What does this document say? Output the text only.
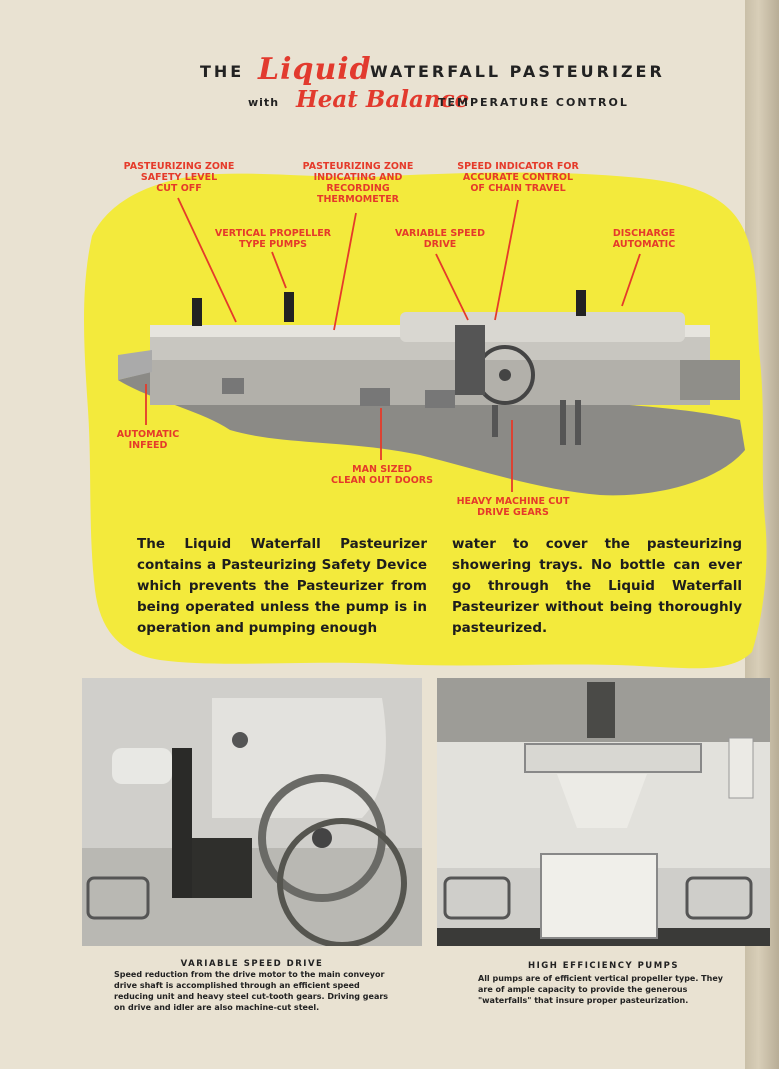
THE Liquid
WATERFALL PASTEURIZER
with Heat Balance
TEMPERATURE CONTROL
PASTEURIZING ZONE
SAFETY LEVEL
CUT OFF
PASTEURIZING ZONE
INDICATING AND
RECORDING
THERMOMETER
SPEED INDICATOR FOR
ACCURATE CONTROL
OF CHAIN TRAVEL
VERTICAL PROPELLER
TYPE PUMPS
VARIABLE SPEED
DRIVE
DISCHARGE
AUTOMATIC
AUTOMATIC
INFEED
MAN SIZED
CLEAN OUT DOORS
HEAVY MACHINE CUT
DRIVE GEARS
The Liquid Waterfall Pasteurizer contains a Pasteurizing Safety Device which prevents the Pasteurizer from being operated unless the pump is in operation and pumping enough
water to cover the pasteurizing showering trays. No bottle can ever go through the Liquid Waterfall Pasteurizer without being thoroughly pasteurized.
VARIABLE SPEED DRIVE
Speed reduction from the drive motor to the main conveyor drive shaft is accomplished through an efficient speed reducing unit and heavy steel cut-tooth gears. Driving gears on drive and idler are also machine-cut steel.
HIGH EFFICIENCY PUMPS
All pumps are of efficient vertical propeller type. They are of ample capacity to provide the generous "waterfalls" that insure proper pasteurization.
